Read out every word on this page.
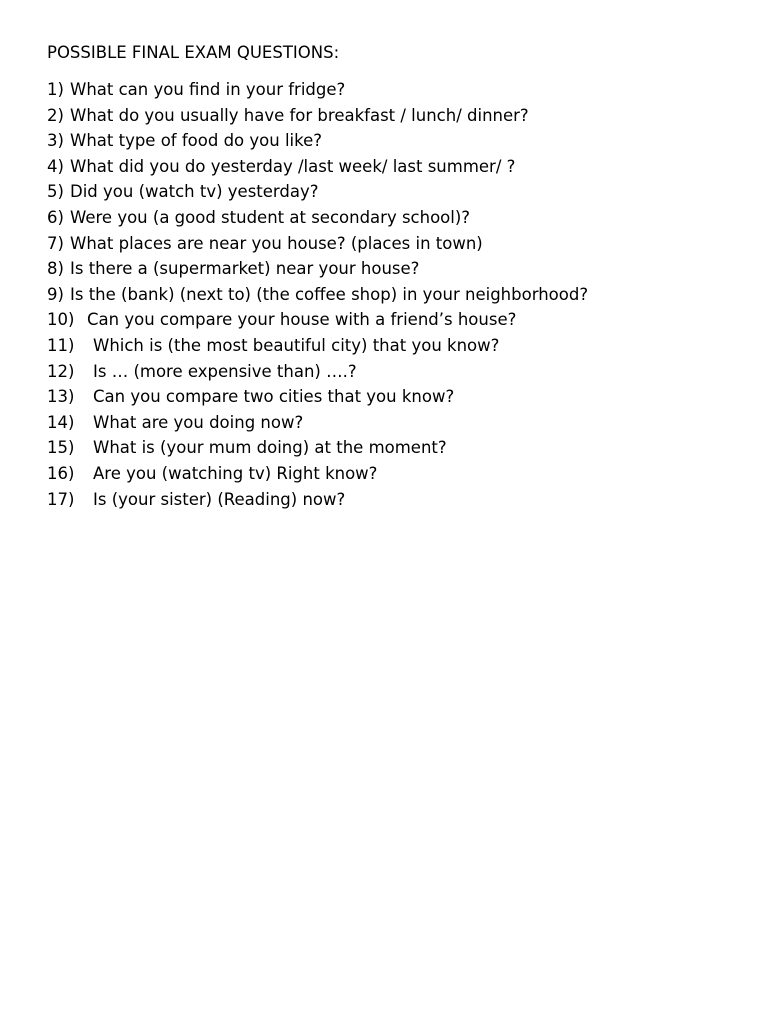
POSSIBLE FINAL EXAM QUESTIONS:
1) What can you find in your fridge?
2) What do you usually have for breakfast / lunch/ dinner?
3) What type of food do you like?
4) What did you do yesterday /last week/ last summer/ ?
5) Did you (watch tv) yesterday?
6) Were you (a good student at secondary school)?
7) What places are near you house? (places in town)
8) Is there a (supermarket) near your house?
9) Is the (bank) (next to) (the coffee shop) in your neighborhood?
10) Can you compare your house with a friend’s house?
11) Which is (the most beautiful city) that you know?
12) Is … (more expensive than) ….?
13) Can you compare two cities that you know?
14) What are you doing now?
15) What is (your mum doing) at the moment?
16) Are you (watching tv) Right know?
17) Is (your sister) (Reading) now?
